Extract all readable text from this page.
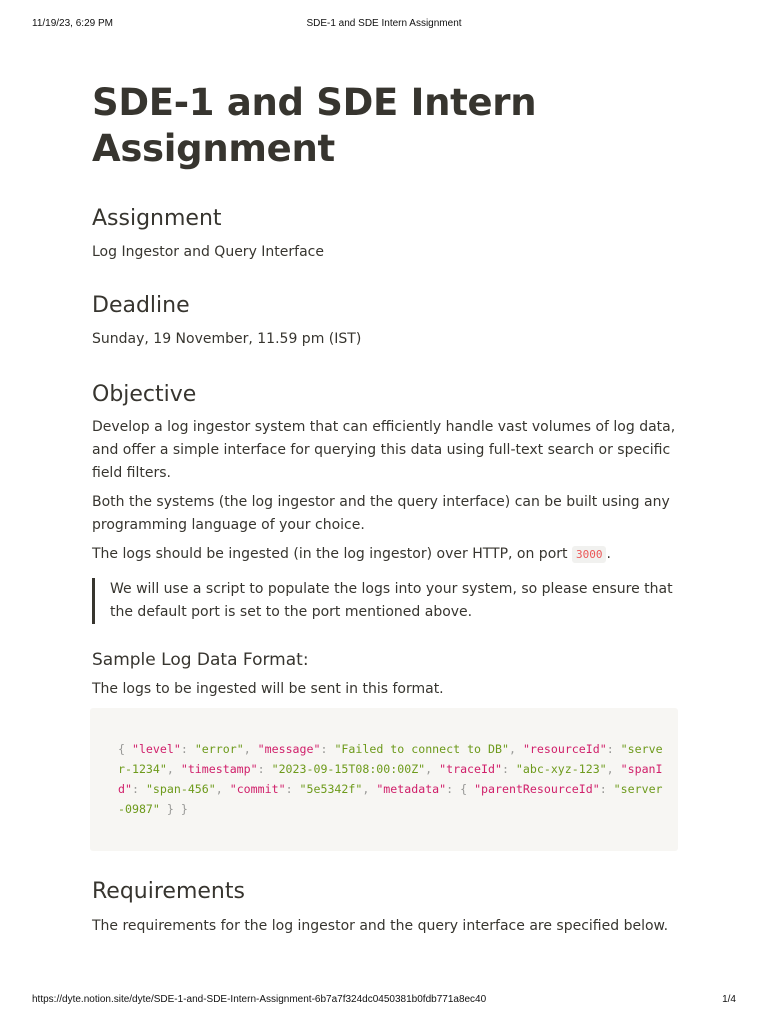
11/19/23, 6:29 PM	SDE-1 and SDE Intern Assignment
SDE-1 and SDE Intern Assignment
Assignment

Log Ingestor and Query Interface

Deadline

Sunday, 19 November, 11.59 pm (IST)

Objective

Develop a log ingestor system that can efficiently handle vast volumes of log data, and offer a simple interface for querying this data using full-text search or specific field filters.

Both the systems (the log ingestor and the query interface) can be built using any programming language of your choice.

The logs should be ingested (in the log ingestor) over HTTP, on port 3000 .

We will use a script to populate the logs into your system, so please ensure that the default port is set to the port mentioned above.

Sample Log Data Format:

The logs to be ingested will be sent in this format.

{ "level": "error", "message": "Failed to connect to DB", "resourceId": "server-1234", "timestamp": "2023-09-15T08:00:00Z", "traceId": "abc-xyz-123", "spanId": "span-456", "commit": "5e5342f", "metadata": { "parentResourceId": "server-0987" } }
Requirements

The requirements for the log ingestor and the query interface are specified below.

https://dyte.notion.site/dyte/SDE-1-and-SDE-Intern-Assignment-6b7a7f324dc0450381b0fdb771a8ec40	1/4
